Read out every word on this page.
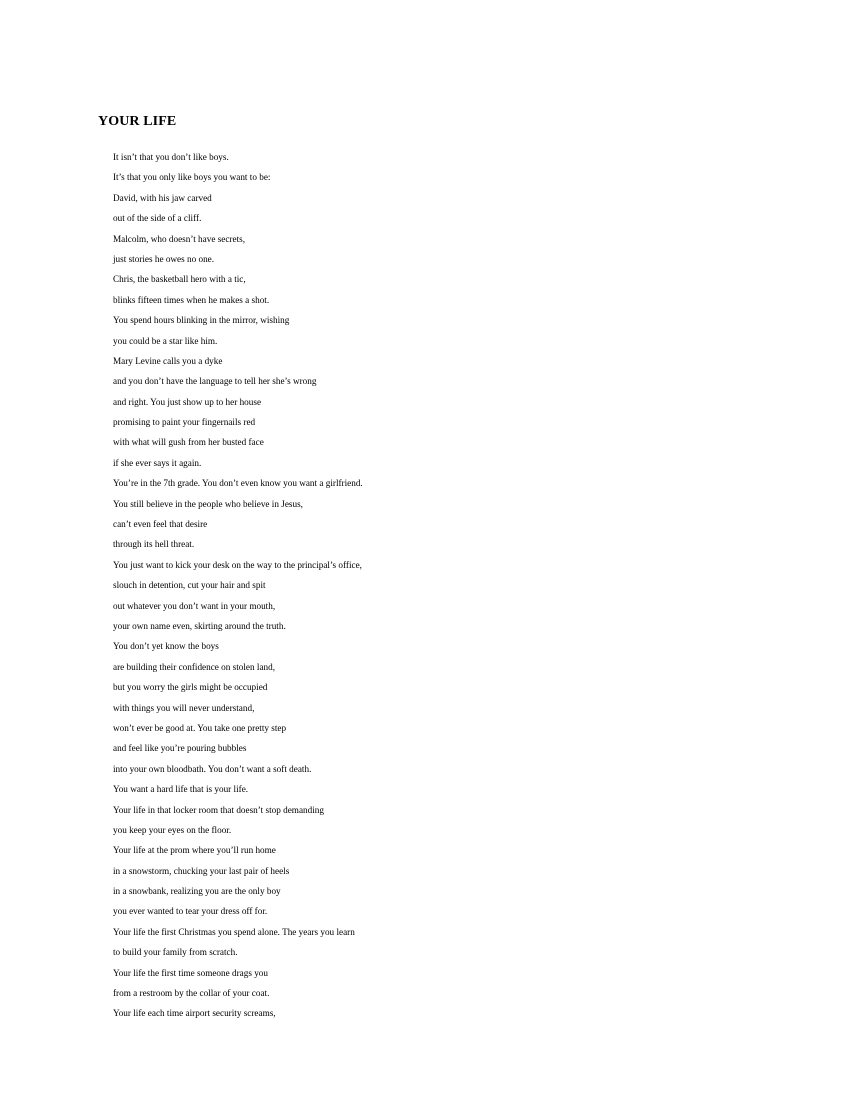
YOUR LIFE
It isn’t that you don’t like boys.
It’s that you only like boys you want to be:
David, with his jaw carved
out of the side of a cliff.
Malcolm, who doesn’t have secrets,
just stories he owes no one.
Chris, the basketball hero with a tic,
blinks fifteen times when he makes a shot.
You spend hours blinking in the mirror, wishing
you could be a star like him.
Mary Levine calls you a dyke
and you don’t have the language to tell her she’s wrong
and right. You just show up to her house
promising to paint your fingernails red
with what will gush from her busted face
if she ever says it again.
You’re in the 7th grade. You don’t even know you want a girlfriend.
You still believe in the people who believe in Jesus,
can’t even feel that desire
through its hell threat.
You just want to kick your desk on the way to the principal’s office,
slouch in detention, cut your hair and spit
out whatever you don’t want in your mouth,
your own name even, skirting around the truth.
You don’t yet know the boys
are building their confidence on stolen land,
but you worry the girls might be occupied
with things you will never understand,
won’t ever be good at. You take one pretty step
and feel like you’re pouring bubbles
into your own bloodbath. You don’t want a soft death.
You want a hard life that is your life.
Your life in that locker room that doesn’t stop demanding
you keep your eyes on the floor.
Your life at the prom where you’ll run home
in a snowstorm, chucking your last pair of heels
in a snowbank, realizing you are the only boy
you ever wanted to tear your dress off for.
Your life the first Christmas you spend alone. The years you learn
to build your family from scratch.
Your life the first time someone drags you
from a restroom by the collar of your coat.
Your life each time airport security screams,
